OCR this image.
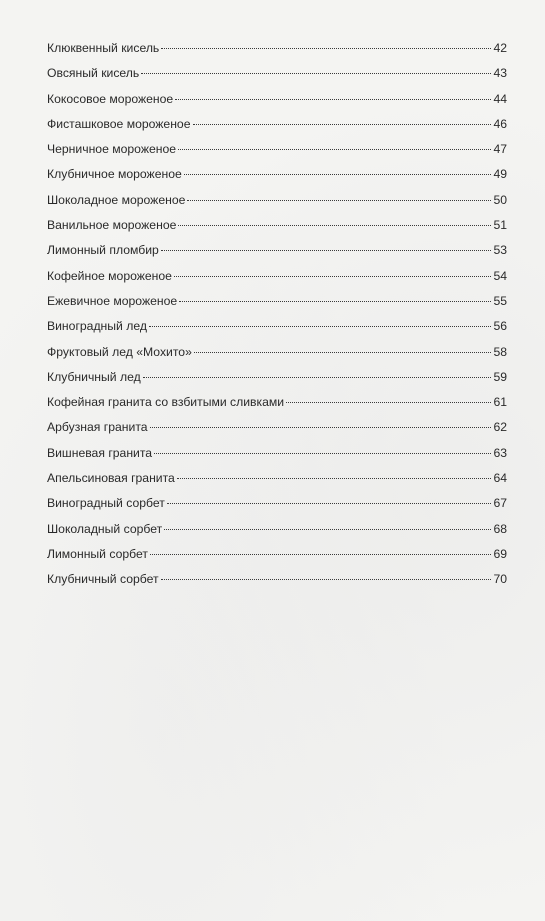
Клюквенный кисель	42
Овсяный кисель	43
Кокосовое мороженое	44
Фисташковое мороженое	46
Черничное мороженое	47
Клубничное мороженое	49
Шоколадное мороженое	50
Ванильное мороженое	51
Лимонный пломбир	53
Кофейное мороженое	54
Ежевичное мороженое	55
Виноградный лед	56
Фруктовый лед «Мохито»	58
Клубничный лед	59
Кофейная гранита со взбитыми сливками	61
Арбузная гранита	62
Вишневая гранита	63
Апельсиновая гранита	64
Виноградный сорбет	67
Шоколадный сорбет	68
Лимонный сорбет	69
Клубничный сорбет	70
